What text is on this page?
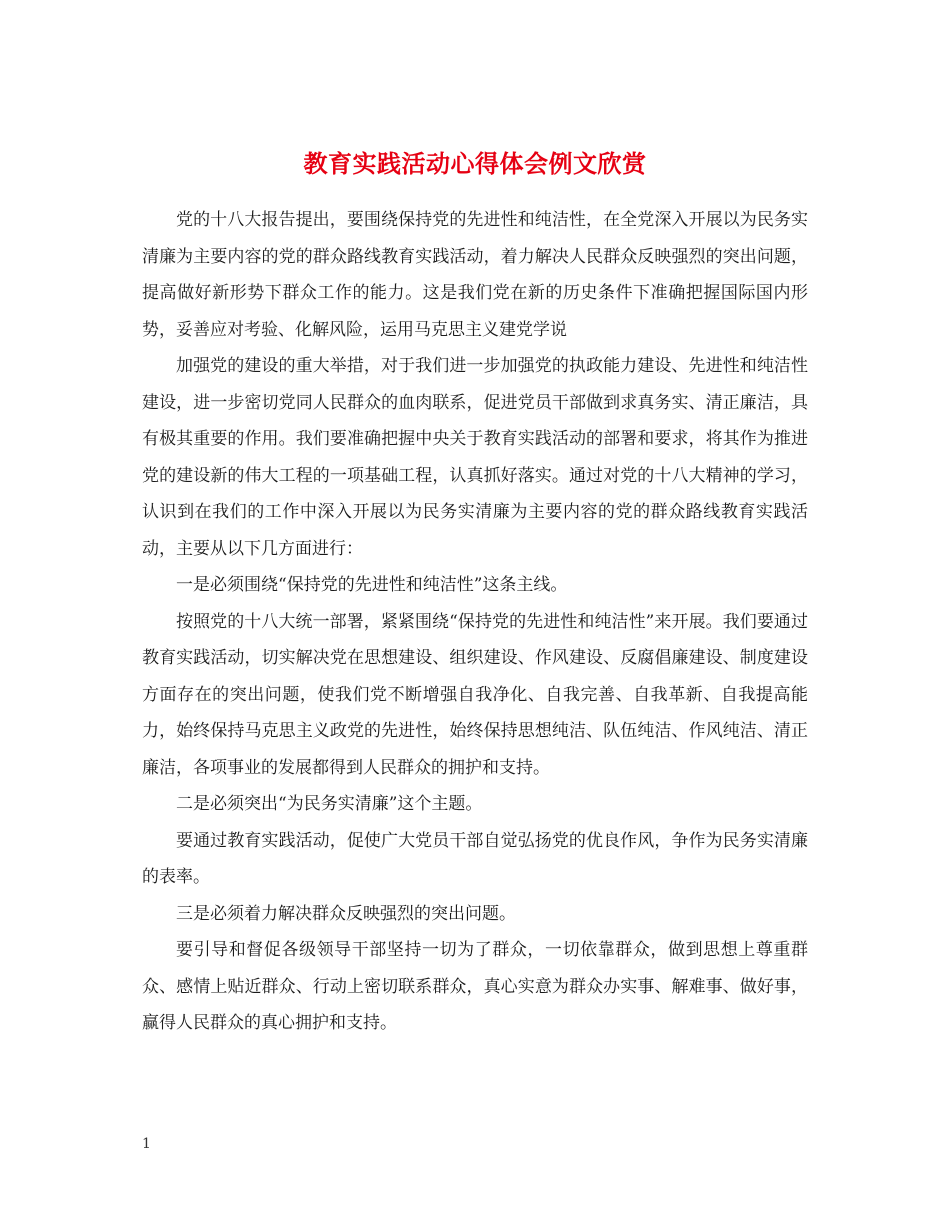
教育实践活动心得体会例文欣赏

党的十八大报告提出，要围绕保持党的先进性和纯洁性，在全党深入开展以为民务实清廉为主要内容的党的群众路线教育实践活动，着力解决人民群众反映强烈的突出问题，提高做好新形势下群众工作的能力。这是我们党在新的历史条件下准确把握国际国内形势，妥善应对考验、化解风险，运用马克思主义建党学说

加强党的建设的重大举措，对于我们进一步加强党的执政能力建设、先进性和纯洁性建设，进一步密切党同人民群众的血肉联系，促进党员干部做到求真务实、清正廉洁，具有极其重要的作用。我们要准确把握中央关于教育实践活动的部署和要求，将其作为推进党的建设新的伟大工程的一项基础工程，认真抓好落实。通过对党的十八大精神的学习，认识到在我们的工作中深入开展以为民务实清廉为主要内容的党的群众路线教育实践活动，主要从以下几方面进行：

一是必须围绕“保持党的先进性和纯洁性”这条主线。

按照党的十八大统一部署，紧紧围绕“保持党的先进性和纯洁性”来开展。我们要通过教育实践活动，切实解决党在思想建设、组织建设、作风建设、反腐倡廉建设、制度建设方面存在的突出问题，使我们党不断增强自我净化、自我完善、自我革新、自我提高能力，始终保持马克思主义政党的先进性，始终保持思想纯洁、队伍纯洁、作风纯洁、清正廉洁，各项事业的发展都得到人民群众的拥护和支持。

二是必须突出“为民务实清廉”这个主题。

要通过教育实践活动，促使广大党员干部自觉弘扬党的优良作风，争作为民务实清廉的表率。

三是必须着力解决群众反映强烈的突出问题。

要引导和督促各级领导干部坚持一切为了群众，一切依靠群众，做到思想上尊重群众、感情上贴近群众、行动上密切联系群众，真心实意为群众办实事、解难事、做好事，赢得人民群众的真心拥护和支持。

1
